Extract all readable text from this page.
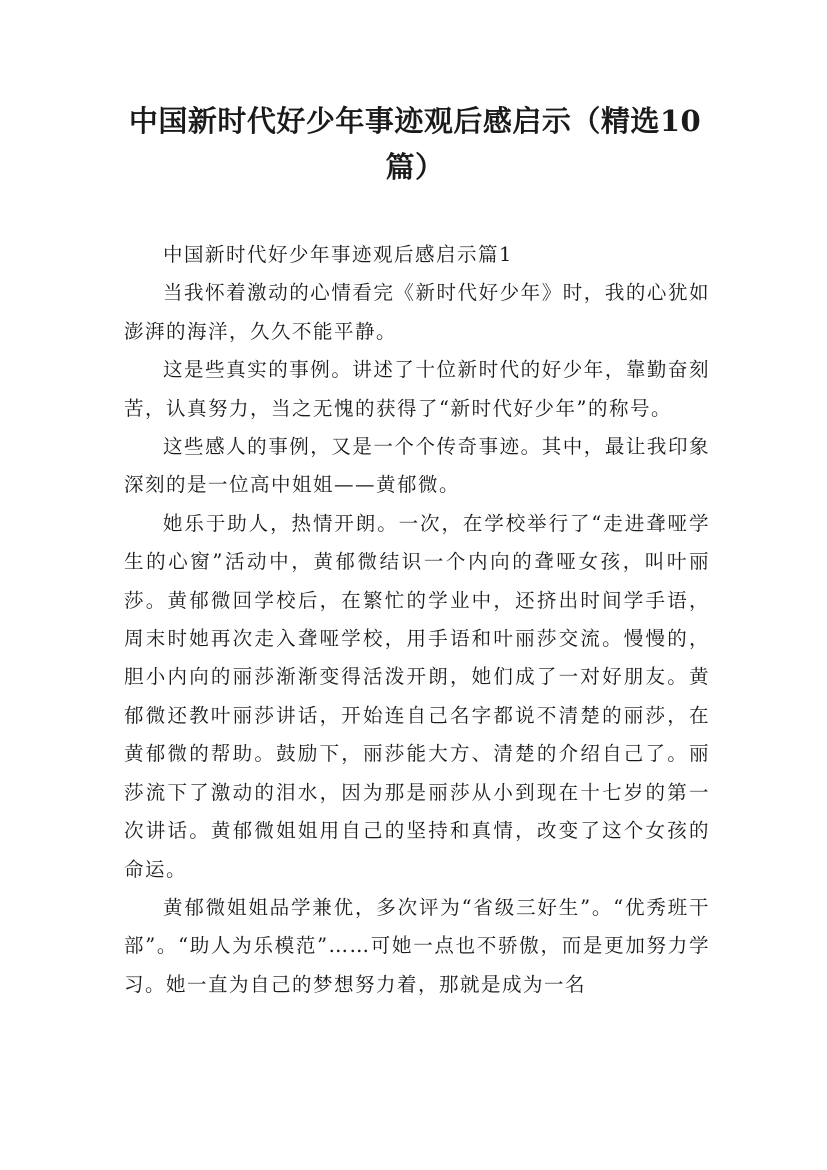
中国新时代好少年事迹观后感启示（精选10篇）

中国新时代好少年事迹观后感启示篇1

当我怀着激动的心情看完《新时代好少年》时，我的心犹如澎湃的海洋，久久不能平静。

这是些真实的事例。讲述了十位新时代的好少年，靠勤奋刻苦，认真努力，当之无愧的获得了“新时代好少年”的称号。

这些感人的事例，又是一个个传奇事迹。其中，最让我印象深刻的是一位高中姐姐——黄郁微。

她乐于助人，热情开朗。一次，在学校举行了“走进聋哑学生的心窗”活动中，黄郁微结识一个内向的聋哑女孩，叫叶丽莎。黄郁微回学校后，在繁忙的学业中，还挤出时间学手语，周末时她再次走入聋哑学校，用手语和叶丽莎交流。慢慢的，胆小内向的丽莎渐渐变得活泼开朗，她们成了一对好朋友。黄郁微还教叶丽莎讲话，开始连自己名字都说不清楚的丽莎，在黄郁微的帮助。鼓励下，丽莎能大方、清楚的介绍自己了。丽莎流下了激动的泪水，因为那是丽莎从小到现在十七岁的第一次讲话。黄郁微姐姐用自己的坚持和真情，改变了这个女孩的命运。

黄郁微姐姐品学兼优，多次评为“省级三好生”。“优秀班干部”。“助人为乐模范”……可她一点也不骄傲，而是更加努力学习。她一直为自己的梦想努力着，那就是成为一名
